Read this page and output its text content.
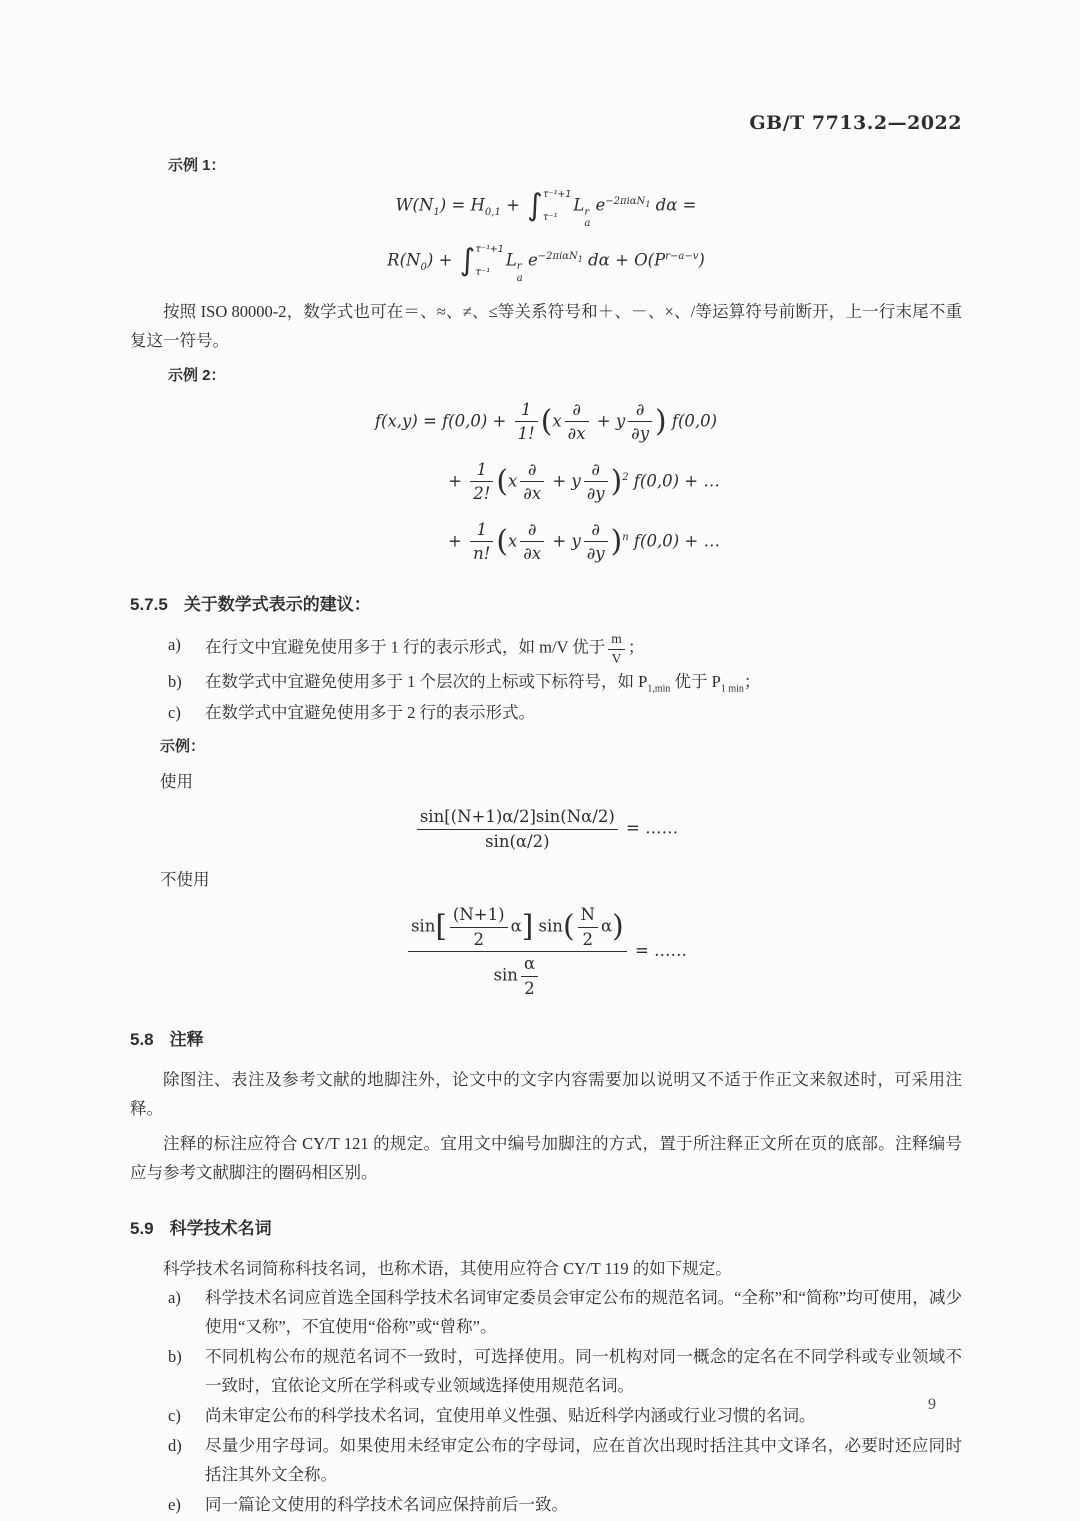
GB/T 7713.2—2022
示例 1：
$W(N_1) = H_{0,1}$ + ∫ τ⁻¹+1
τ⁻¹
L r
a
$e^{-2\pi i\alpha N_1}$ dα =
$R(N_0)$ + ∫ τ⁻¹+1
τ⁻¹
L r
a
$e^{-2\pi i\alpha N_1}$ $d\alpha + O(P^{r-a-v})$

按照 ISO 80000-2，数学式也可在＝、≈、≠、≤等关系符号和＋、－、×、/等运算符号前断开，上一行末尾不重复这一符号。

示例 2：
$f(x,y) = f(0,0) + \frac{1}{1!} (x \frac{\partial}{\partial x} + y \frac{\partial}{\partial y}$ ) f(0,0)
+ $\frac{1}{2!} (x \frac{\partial}{\partial x} + y \frac{\partial}{\partial y} )^2$ f(0,0) + …
+ $\frac{1}{n!} (x \frac{\partial}{\partial x} + y \frac{\partial}{\partial y} )^n$ f(0,0) + …
5.7.5 关于数学式表示的建议：
a)	在行文中宜避免使用多于 1 行的表示形式，如 m/V 优于 $\frac{m}{V}$ ；
b)	在数学式中宜避免使用多于 1 个层次的上标或下标符号，如 $P_{1,min}$ 优于 $P_{1 min}$；
c)	在数学式中宜避免使用多于 2 行的表示形式。
示例：
使用
$\frac{\sin[(N+1)\alpha/2]\sin(N\alpha/2)}{\sin(\alpha/2)}$ = ……
不使用
$\frac{\sin[ \frac{(N+1)}{2} \alpha] \sin( \frac{N}{2} \alpha)}{\sin \frac{\alpha}{2}}$ = ……
5.8 注释

除图注、表注及参考文献的地脚注外，论文中的文字内容需要加以说明又不适于作正文来叙述时，可采用注释。

注释的标注应符合 CY/T 121 的规定。宜用文中编号加脚注的方式，置于所注释正文所在页的底部。注释编号应与参考文献脚注的圈码相区别。

5.9 科学技术名词

科学技术名词简称科技名词，也称术语，其使用应符合 CY/T 119 的如下规定。

a)	科学技术名词应首选全国科学技术名词审定委员会审定公布的规范名词。“全称”和“简称”均可使用，减少使用“又称”，不宜使用“俗称”或“曾称”。
b)	不同机构公布的规范名词不一致时，可选择使用。同一机构对同一概念的定名在不同学科或专业领域不一致时，宜依论文所在学科或专业领域选择使用规范名词。
c)	尚未审定公布的科学技术名词，宜使用单义性强、贴近科学内涵或行业习惯的名词。
d)	尽量少用字母词。如果使用未经审定公布的字母词，应在首次出现时括注其中文译名，必要时还应同时括注其外文全称。
e)	同一篇论文使用的科学技术名词应保持前后一致。
9
